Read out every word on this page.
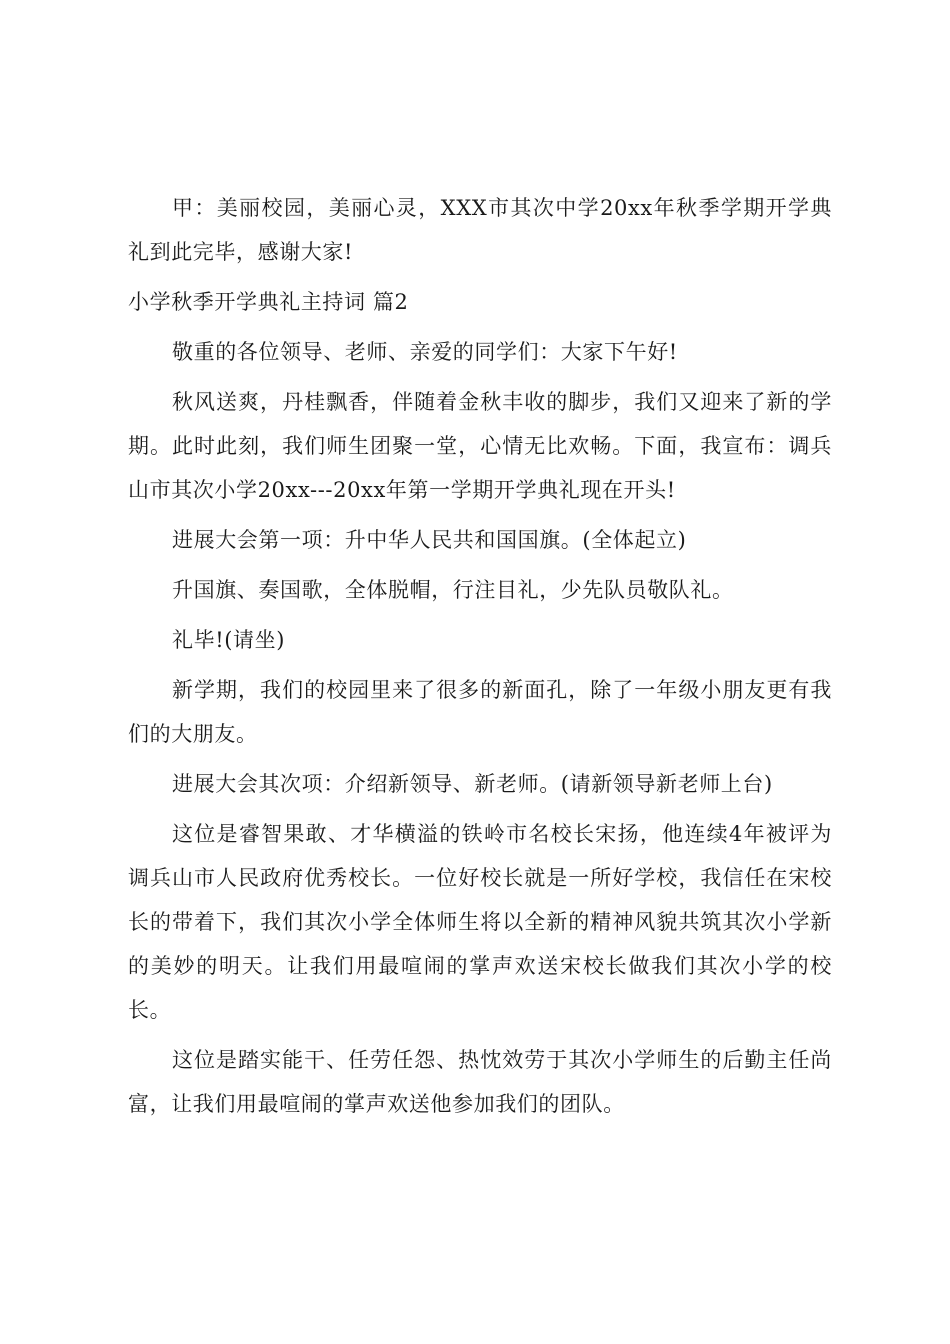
甲：美丽校园，美丽心灵，XXX市其次中学20xx年秋季学期开学典礼到此完毕，感谢大家!

小学秋季开学典礼主持词 篇2

敬重的各位领导、老师、亲爱的同学们：大家下午好!

秋风送爽，丹桂飘香，伴随着金秋丰收的脚步，我们又迎来了新的学期。此时此刻，我们师生团聚一堂，心情无比欢畅。下面，我宣布：调兵山市其次小学20xx---20xx年第一学期开学典礼现在开头!

进展大会第一项：升中华人民共和国国旗。(全体起立)

升国旗、奏国歌，全体脱帽，行注目礼，少先队员敬队礼。

礼毕!(请坐)

新学期，我们的校园里来了很多的新面孔，除了一年级小朋友更有我们的大朋友。

进展大会其次项：介绍新领导、新老师。(请新领导新老师上台)

这位是睿智果敢、才华横溢的铁岭市名校长宋扬，他连续4年被评为调兵山市人民政府优秀校长。一位好校长就是一所好学校，我信任在宋校长的带着下，我们其次小学全体师生将以全新的精神风貌共筑其次小学新的美妙的明天。让我们用最喧闹的掌声欢送宋校长做我们其次小学的校长。

这位是踏实能干、任劳任怨、热忱效劳于其次小学师生的后勤主任尚富，让我们用最喧闹的掌声欢送他参加我们的团队。
